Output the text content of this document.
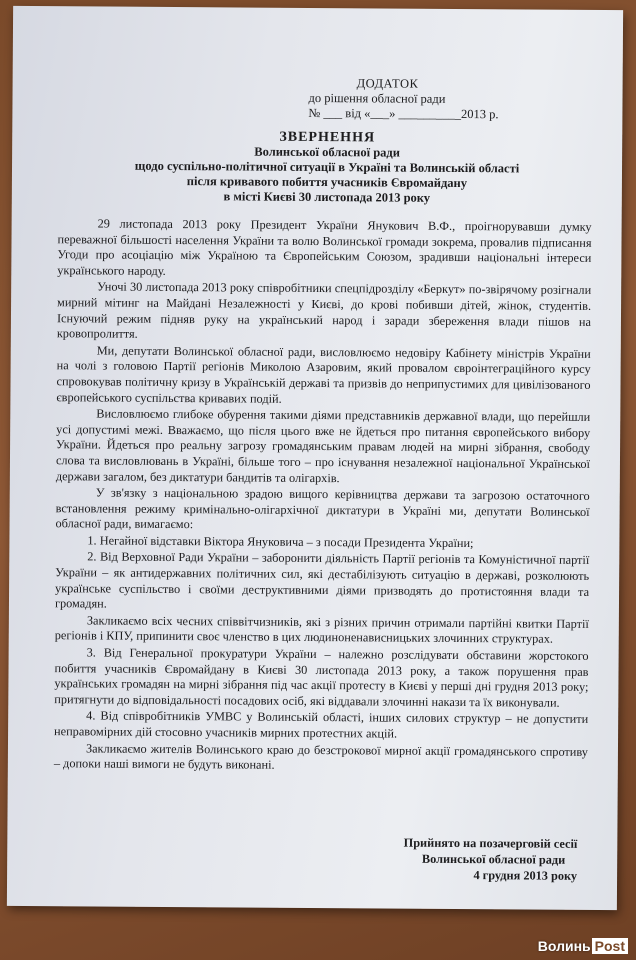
ДОДАТОК
до рішення обласної ради
№ ___ від «___» __________2013 р.
ЗВЕРНЕННЯ
Волинської обласної ради
щодо суспільно-політичної ситуації в Україні та Волинській області
після кривавого побиття учасників Євромайдану
в місті Києві 30 листопада 2013 року

29 листопада 2013 року Президент України Янукович В.Ф., проігнорувавши думку переважної більшості населення України та волю Волинської громади зокрема, провалив підписання Угоди про асоціацію між Україною та Європейським Союзом, зрадивши національні інтереси українського народу.

Уночі 30 листопада 2013 року співробітники спецпідрозділу «Беркут» по-звірячому розігнали мирний мітинг на Майдані Незалежності у Києві, до крові побивши дітей, жінок, студентів. Існуючий режим підняв руку на український народ і заради збереження влади пішов на кровопролиття.

Ми, депутати Волинської обласної ради, висловлюємо недовіру Кабінету міністрів України на чолі з головою Партії регіонів Миколою Азаровим, який провалом євроінтеграційного курсу спровокував політичну кризу в Українській державі та призвів до неприпустимих для цивілізованого європейського суспільства кривавих подій.

Висловлюємо глибоке обурення такими діями представників державної влади, що перейшли усі допустимі межі. Вважаємо, що після цього вже не йдеться про питання європейського вибору України. Йдеться про реальну загрозу громадянським правам людей на мирні зібрання, свободу слова та висловлювань в Україні, більше того – про існування незалежної національної Української держави загалом, без диктатури бандитів та олігархів.

У зв'язку з національною зрадою вищого керівництва держави та загрозою остаточного встановлення режиму кримінально-олігархічної диктатури в Україні ми, депутати Волинської обласної ради, вимагаємо:

1. Негайної відставки Віктора Януковича – з посади Президента України;

2. Від Верховної Ради України – заборонити діяльність Партії регіонів та Комуністичної партії України – як антидержавних політичних сил, які дестабілізують ситуацію в державі, розколюють українське суспільство і своїми деструктивними діями призводять до протистояння влади та громадян.

Закликаємо всіх чесних співвітчизників, які з різних причин отримали партійні квитки Партії регіонів і КПУ, припинити своє членство в цих людиноненависницьких злочинних структурах.

3. Від Генеральної прокуратури України – належно розслідувати обставини жорстокого побиття учасників Євромайдану в Києві 30 листопада 2013 року, а також порушення прав українських громадян на мирні зібрання під час акції протесту в Києві у перші дні грудня 2013 року; притягнути до відповідальності посадових осіб, які віддавали злочинні накази та їх виконували.

4. Від співробітників УМВС у Волинській області, інших силових структур – не допустити неправомірних дій стосовно учасників мирних протестних акцій.

Закликаємо жителів Волинського краю до безстрокової мирної акції громадянського спротиву – допоки наші вимоги не будуть виконані.

Прийнято на позачерговій сесії
Волинської обласної ради
4 грудня 2013 року
Волинь Post
